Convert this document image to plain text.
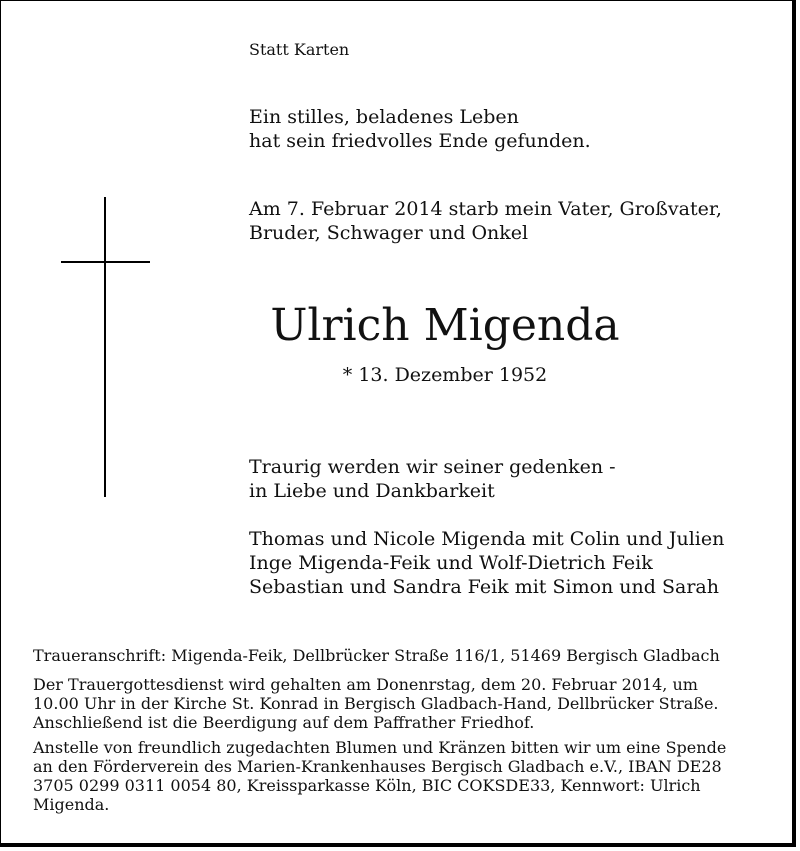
Statt Karten
Ein stilles, beladenes Leben
hat sein friedvolles Ende gefunden.
Am 7. Februar 2014 starb mein Vater, Großvater,
Bruder, Schwager und Onkel
Ulrich Migenda
* 13. Dezember 1952
Traurig werden wir seiner gedenken -
in Liebe und Dankbarkeit
Thomas und Nicole Migenda mit Colin und Julien
Inge Migenda-Feik und Wolf-Dietrich Feik
Sebastian und Sandra Feik mit Simon und Sarah
Traueranschrift: Migenda-Feik, Dellbrücker Straße 116/1, 51469 Bergisch Gladbach
Der Trauergottesdienst wird gehalten am Donenrstag, dem 20. Februar 2014, um
10.00 Uhr in der Kirche St. Konrad in Bergisch Gladbach-Hand, Dellbrücker Straße.
Anschließend ist die Beerdigung auf dem Paffrather Friedhof.
Anstelle von freundlich zugedachten Blumen und Kränzen bitten wir um eine Spende
an den Förderverein des Marien-Krankenhauses Bergisch Gladbach e.V., IBAN DE28
3705 0299 0311 0054 80, Kreissparkasse Köln, BIC COKSDE33, Kennwort: Ulrich
Migenda.
